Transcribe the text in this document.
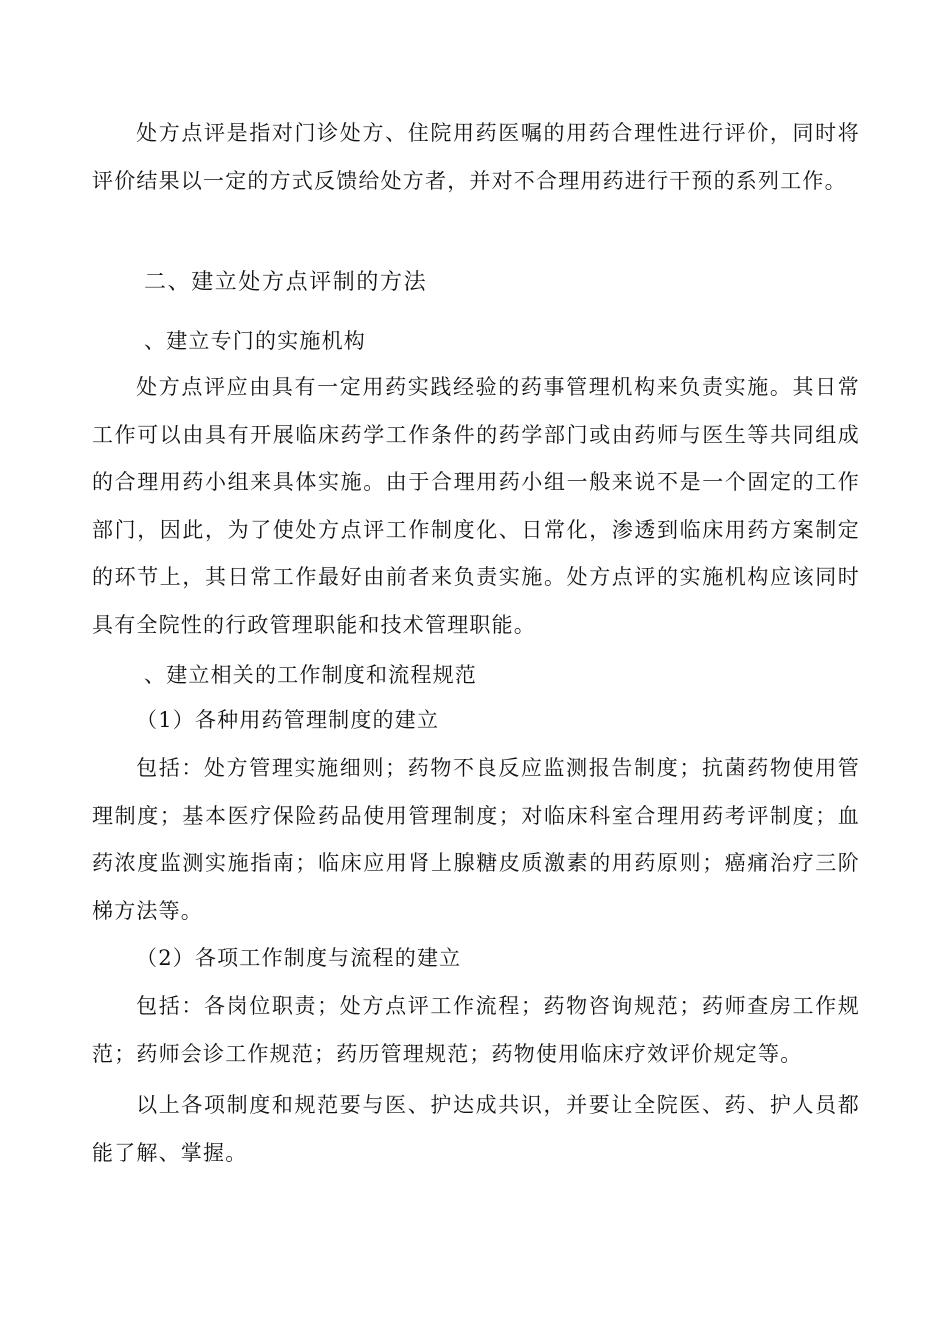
处方点评是指对门诊处方、住院用药医嘱的用药合理性进行评价，同时将评价结果以一定的方式反馈给处方者，并对不合理用药进行干预的系列工作。

二、建立处方点评制的方法

、建立专门的实施机构

处方点评应由具有一定用药实践经验的药事管理机构来负责实施。其日常工作可以由具有开展临床药学工作条件的药学部门或由药师与医生等共同组成的合理用药小组来具体实施。由于合理用药小组一般来说不是一个固定的工作部门，因此，为了使处方点评工作制度化、日常化，渗透到临床用药方案制定的环节上，其日常工作最好由前者来负责实施。处方点评的实施机构应该同时具有全院性的行政管理职能和技术管理职能。

、建立相关的工作制度和流程规范

（1）各种用药管理制度的建立

包括：处方管理实施细则；药物不良反应监测报告制度；抗菌药物使用管理制度；基本医疗保险药品使用管理制度；对临床科室合理用药考评制度；血药浓度监测实施指南；临床应用肾上腺糖皮质激素的用药原则；癌痛治疗三阶梯方法等。

（2）各项工作制度与流程的建立

包括：各岗位职责；处方点评工作流程；药物咨询规范；药师查房工作规范；药师会诊工作规范；药历管理规范；药物使用临床疗效评价规定等。

以上各项制度和规范要与医、护达成共识，并要让全院医、药、护人员都能了解、掌握。
